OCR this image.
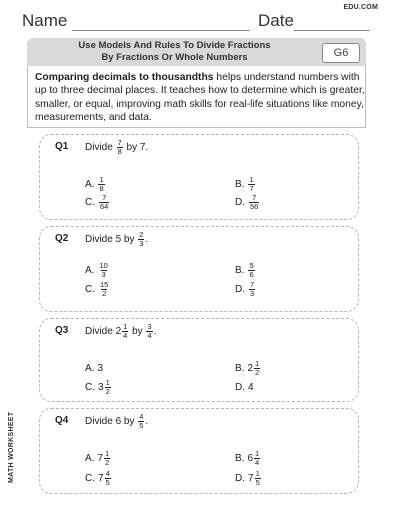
Name	Date
EDU.COM
Use Models And Rules To Divide Fractions
By Fractions Or Whole Numbers	G6
Comparing decimals to thousandths helps understand numbers with up to three decimal places. It teaches how to determine which is greater, smaller, or equal, improving math skills for real-life situations like money, measurements, and data.
MATH WORKSHEET
Q1 Divide
$\frac{7}{8}$
by 7.
A. $\frac{1}{8}$	B. $\frac{1}{7}$
C. $\frac{7}{64}$	D. $\frac{7}{56}$
Q2 Divide 5 by
$\frac{2}{3}$ .
A. $\frac{10}{3}$	B. $\frac{5}{6}$
C. $\frac{15}{2}$	D. $\frac{7}{3}$
Q3 Divide
$2 \frac{1}{4}$
by
$\frac{3}{4}$ .
A. 3	B. $2 \frac{1}{2}$
C. $3 \frac{1}{2}$	D. 4
Q4 Divide 6 by
$\frac{4}{5}$ .
A. $7 \frac{1}{2}$	B. $6 \frac{1}{4}$
C. $7 \frac{4}{5}$	D. $7 \frac{1}{5}$
